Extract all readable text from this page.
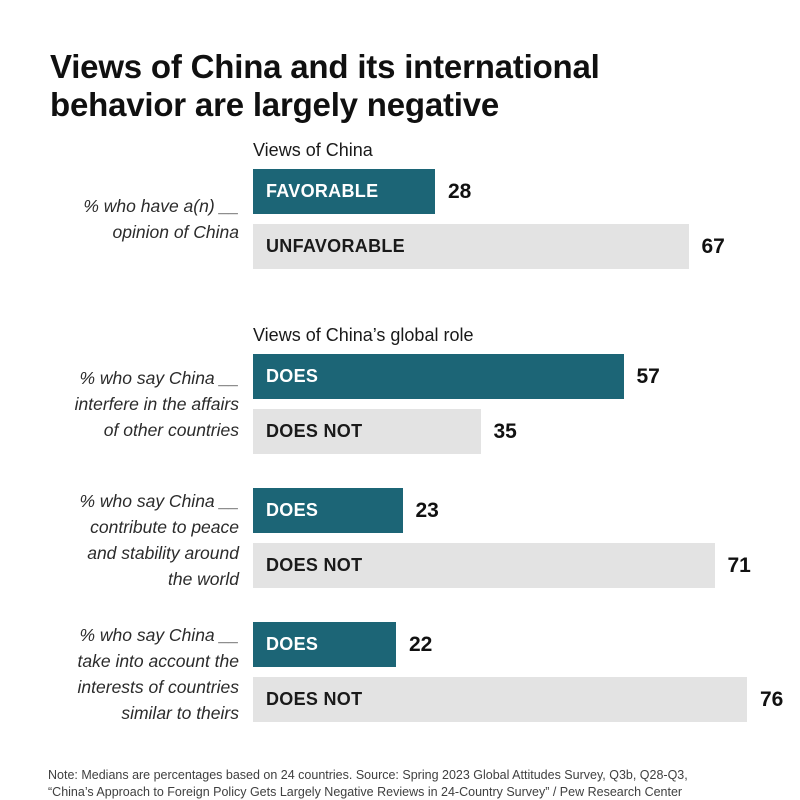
Views of China and its international
behavior are largely negative
% who have a(n) __
opinion of China
Views of China
FAVORABLE	28
UNFAVORABLE	67
% who say China __
interfere in the affairs
of other countries
Views of China’s global role
DOES	57
DOES NOT	35
% who say China __
contribute to peace
and stability around
the world
DOES	23
DOES NOT	71
% who say China __
take into account the
interests of countries
similar to theirs
DOES	22
DOES NOT	76

Note: Medians are percentages based on 24 countries. Source: Spring 2023 Global Attitudes Survey, Q3b, Q28-Q3,
“China’s Approach to Foreign Policy Gets Largely Negative Reviews in 24-Country Survey” / Pew Research Center
